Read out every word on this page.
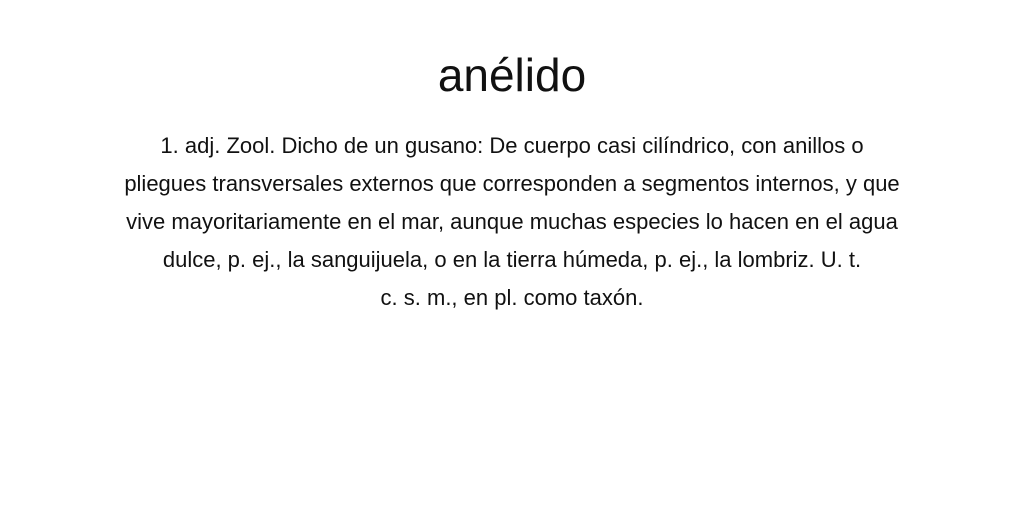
anélido

1. adj. Zool. Dicho de un gusano: De cuerpo casi cilíndrico, con anillos o
pliegues transversales externos que corresponden a segmentos internos, y que
vive mayoritariamente en el mar, aunque muchas especies lo hacen en el agua
dulce, p. ej., la sanguijuela, o en la tierra húmeda, p. ej., la lombriz. U. t.
c. s. m., en pl. como taxón.
